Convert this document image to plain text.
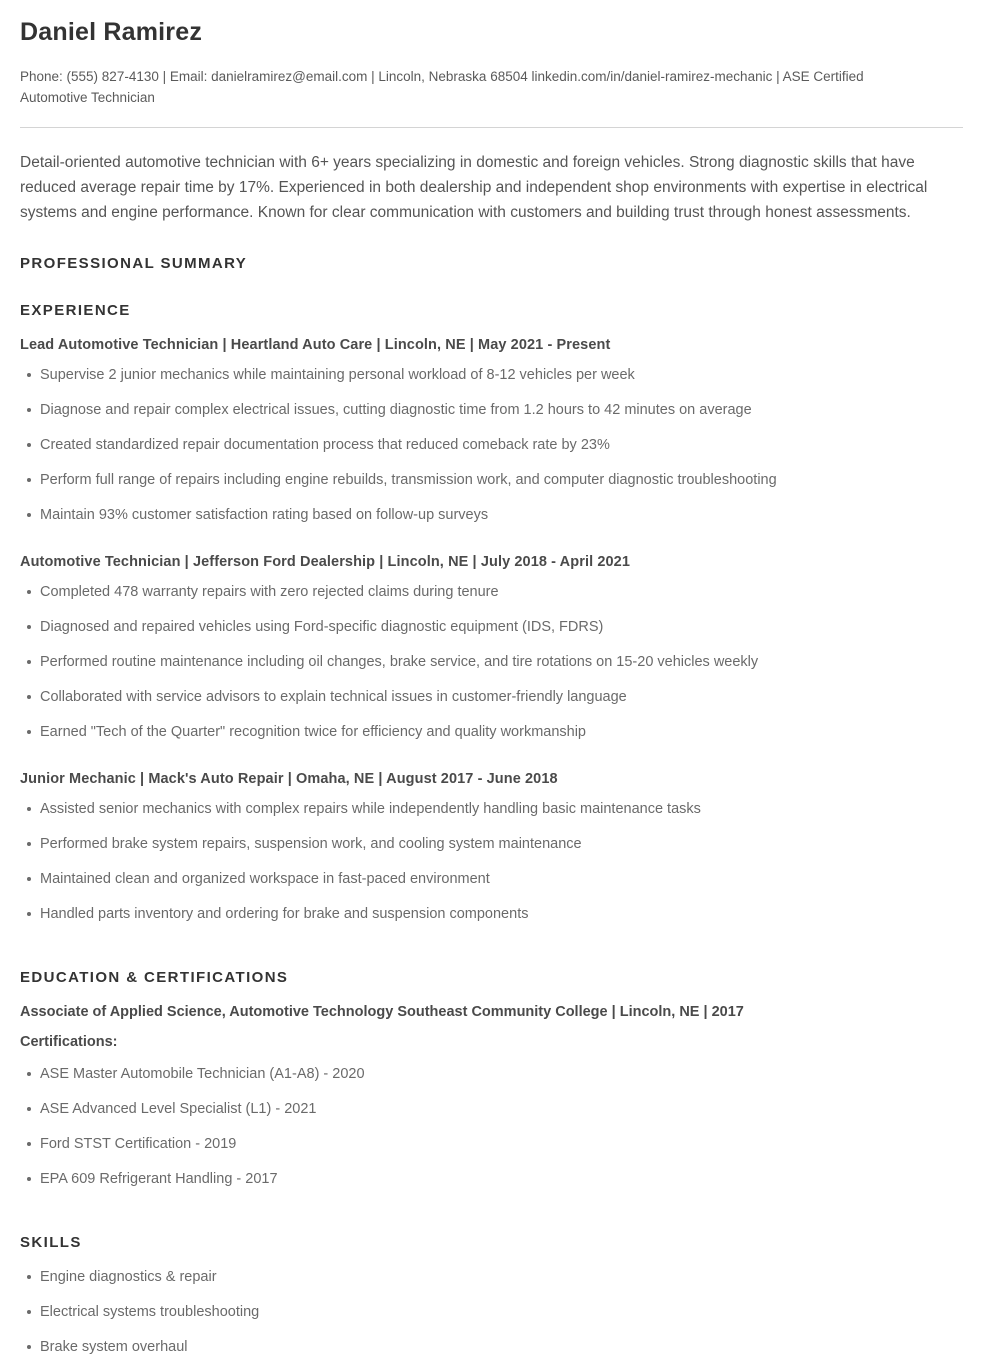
Daniel Ramirez

Phone: (555) 827-4130 | Email: danielramirez@email.com | Lincoln, Nebraska 68504 linkedin.com/in/daniel-ramirez-mechanic | ASE Certified Automotive Technician

Detail-oriented automotive technician with 6+ years specializing in domestic and foreign vehicles. Strong diagnostic skills that have reduced average repair time by 17%. Experienced in both dealership and independent shop environments with expertise in electrical systems and engine performance. Known for clear communication with customers and building trust through honest assessments.

PROFESSIONAL SUMMARY
EXPERIENCE
Lead Automotive Technician | Heartland Auto Care | Lincoln, NE | May 2021 - Present
Supervise 2 junior mechanics while maintaining personal workload of 8-12 vehicles per week
Diagnose and repair complex electrical issues, cutting diagnostic time from 1.2 hours to 42 minutes on average
Created standardized repair documentation process that reduced comeback rate by 23%
Perform full range of repairs including engine rebuilds, transmission work, and computer diagnostic troubleshooting
Maintain 93% customer satisfaction rating based on follow-up surveys
Automotive Technician | Jefferson Ford Dealership | Lincoln, NE | July 2018 - April 2021
Completed 478 warranty repairs with zero rejected claims during tenure
Diagnosed and repaired vehicles using Ford-specific diagnostic equipment (IDS, FDRS)
Performed routine maintenance including oil changes, brake service, and tire rotations on 15-20 vehicles weekly
Collaborated with service advisors to explain technical issues in customer-friendly language
Earned "Tech of the Quarter" recognition twice for efficiency and quality workmanship
Junior Mechanic | Mack's Auto Repair | Omaha, NE | August 2017 - June 2018
Assisted senior mechanics with complex repairs while independently handling basic maintenance tasks
Performed brake system repairs, suspension work, and cooling system maintenance
Maintained clean and organized workspace in fast-paced environment
Handled parts inventory and ordering for brake and suspension components
EDUCATION & CERTIFICATIONS
Associate of Applied Science, Automotive Technology Southeast Community College | Lincoln, NE | 2017
Certifications:
ASE Master Automobile Technician (A1-A8) - 2020
ASE Advanced Level Specialist (L1) - 2021
Ford STST Certification - 2019
EPA 609 Refrigerant Handling - 2017
SKILLS
Engine diagnostics & repair
Electrical systems troubleshooting
Brake system overhaul
